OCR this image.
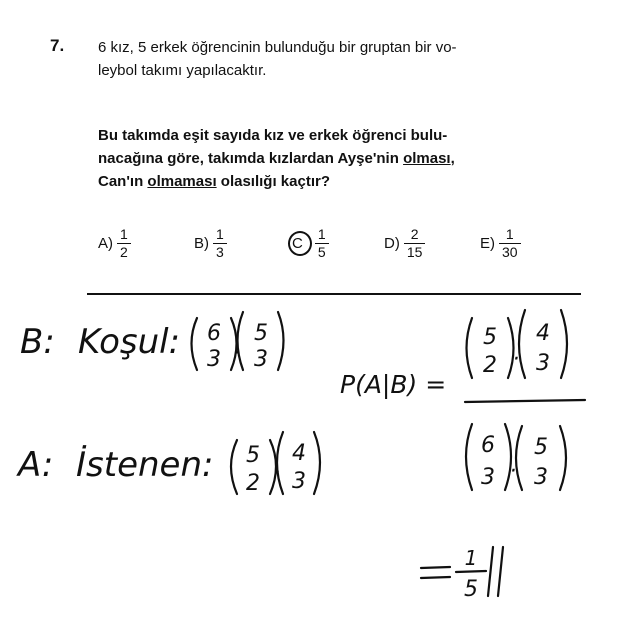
7. 6 kız, 5 erkek öğrencinin bulunduğu bir gruptan bir vo-
leybol takımı yapılacaktır.
Bu takımda eşit sayıda kız ve erkek öğrenci bulu-
nacağına göre, takımda kızlardan Ayşe'nin olması,
Can'ın olmaması olasılığı kaçtır?
$A) \frac{1}{2}$	$B) \frac{1}{3}$	C $\frac{1}{5}$	$D) \frac{2}{15}$	$E) \frac{1}{30}$
B: Koşul:
A: İstenen:
P(A|B) =
6
3 ·
5
3
5
2 ·
4
3
5
2 ·
4
3
6
3 ·
5
3
1
5
